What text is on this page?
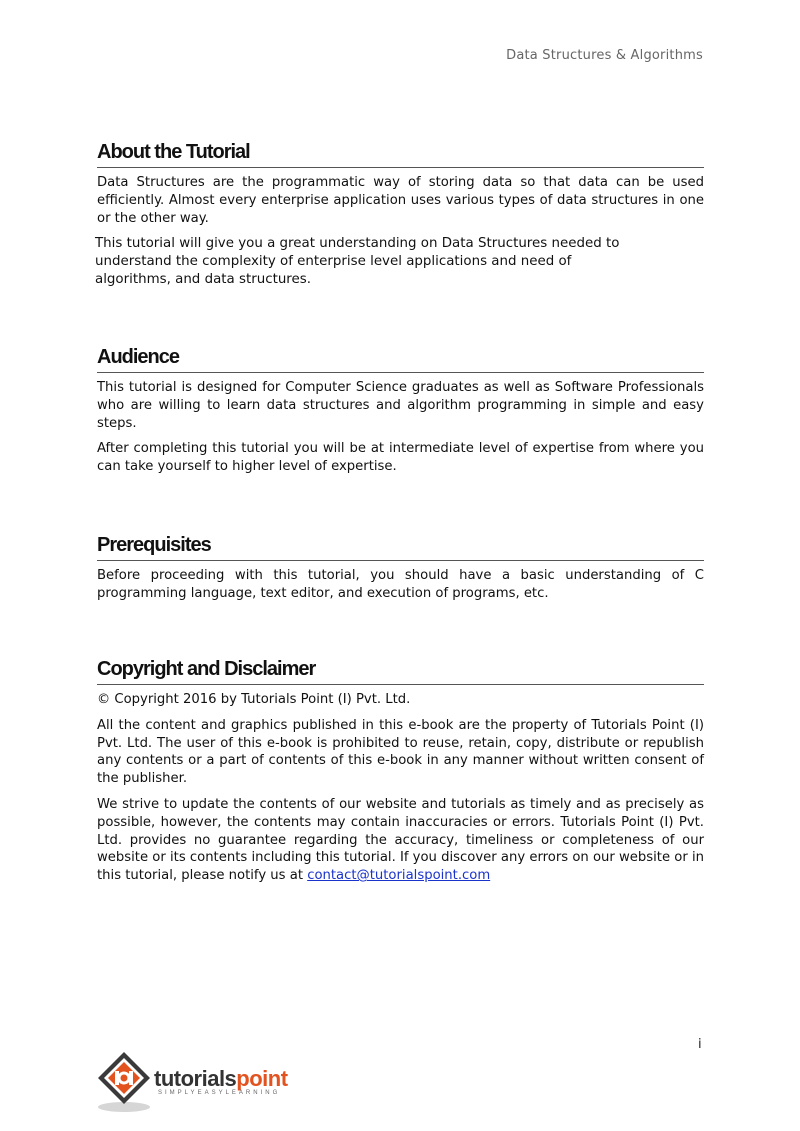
Data Structures & Algorithms
About the Tutorial

Data Structures are the programmatic way of storing data so that data can be used efficiently. Almost every enterprise application uses various types of data structures in one or the other way.

This tutorial will give you a great understanding on Data Structures needed to understand the complexity of enterprise level applications and need of algorithms, and data structures.

Audience

This tutorial is designed for Computer Science graduates as well as Software Professionals who are willing to learn data structures and algorithm programming in simple and easy steps.

After completing this tutorial you will be at intermediate level of expertise from where you can take yourself to higher level of expertise.

Prerequisites

Before proceeding with this tutorial, you should have a basic understanding of C programming language, text editor, and execution of programs, etc.

Copyright and Disclaimer

© Copyright 2016 by Tutorials Point (I) Pvt. Ltd.

All the content and graphics published in this e-book are the property of Tutorials Point (I) Pvt. Ltd. The user of this e-book is prohibited to reuse, retain, copy, distribute or republish any contents or a part of contents of this e-book in any manner without written consent of the publisher.

We strive to update the contents of our website and tutorials as timely and as precisely as possible, however, the contents may contain inaccuracies or errors. Tutorials Point (I) Pvt. Ltd. provides no guarantee regarding the accuracy, timeliness or completeness of our website or its contents including this tutorial. If you discover any errors on our website or in this tutorial, please notify us at contact@tutorialspoint.com

i
tutorialspoint
SIMPLYEASYLEARNING
